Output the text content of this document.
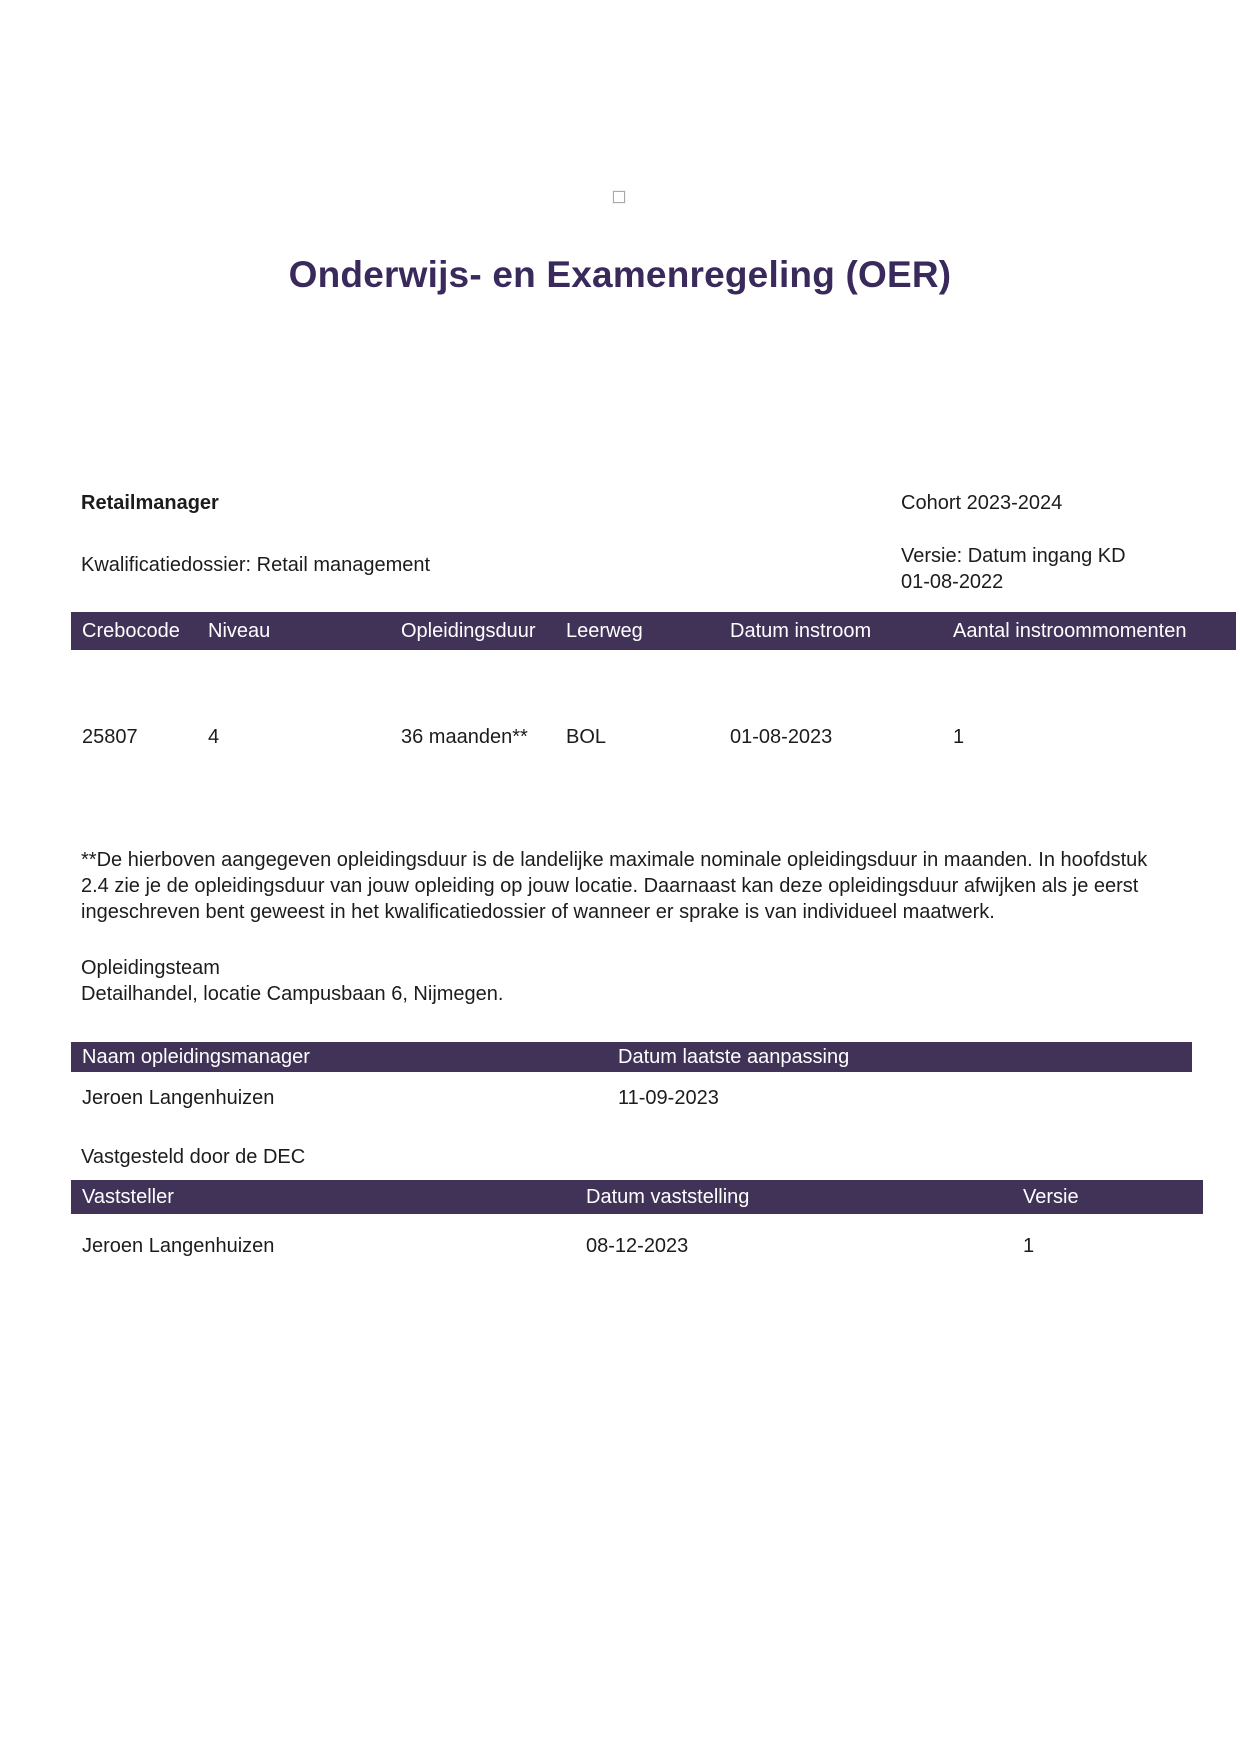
Onderwijs- en Examenregeling (OER)
Retailmanager	Cohort 2023-2024
Kwalificatiedossier: Retail management	Versie: Datum ingang KD 01-08-2022
Crebocode	Niveau	Opleidingsduur	Leerweg	Datum instroom	Aantal instroommomenten
25807	4	36 maanden**	BOL	01-08-2023	1
**De hierboven aangegeven opleidingsduur is de landelijke maximale nominale opleidingsduur in maanden. In hoofdstuk 2.4 zie je de opleidingsduur van jouw opleiding op jouw locatie. Daarnaast kan deze opleidingsduur afwijken als je eerst ingeschreven bent geweest in het kwalificatiedossier of wanneer er sprake is van individueel maatwerk.
Opleidingsteam
Detailhandel, locatie Campusbaan 6, Nijmegen.
Naam opleidingsmanager	Datum laatste aanpassing
Jeroen Langenhuizen	11-09-2023
Vastgesteld door de DEC
Vaststeller	Datum vaststelling	Versie
Jeroen Langenhuizen	08-12-2023	1
